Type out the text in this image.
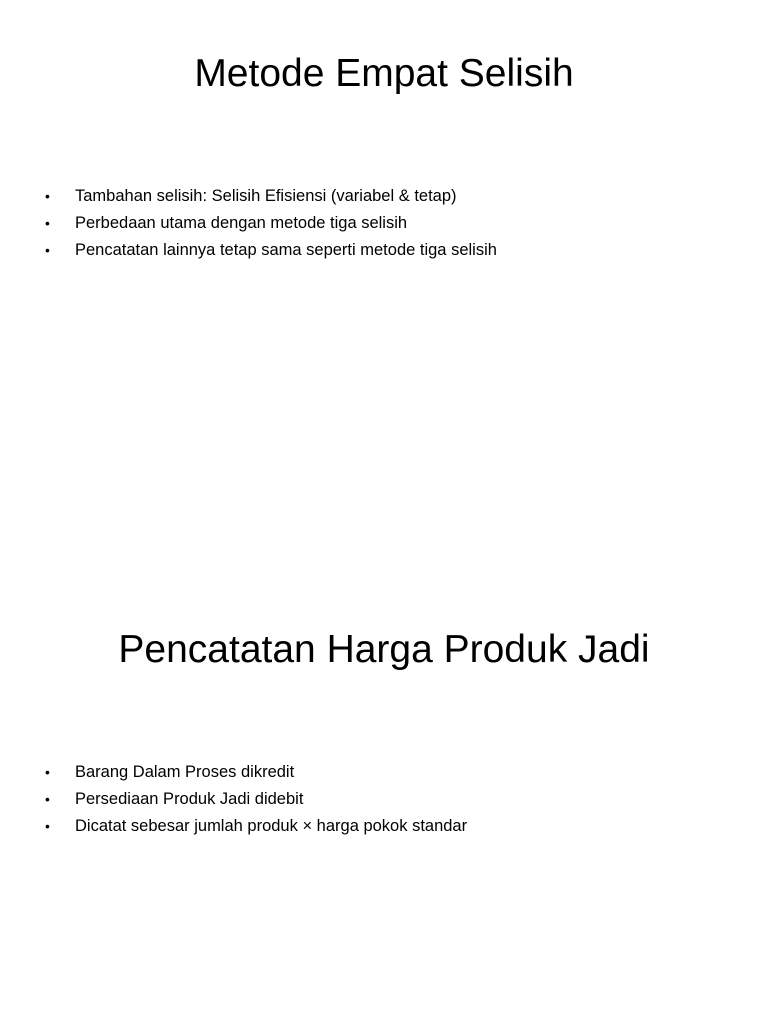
Metode Empat Selisih
•	Tambahan selisih: Selisih Efisiensi (variabel & tetap)
•	Perbedaan utama dengan metode tiga selisih
•	Pencatatan lainnya tetap sama seperti metode tiga selisih
Pencatatan Harga Produk Jadi
•	Barang Dalam Proses dikredit
•	Persediaan Produk Jadi didebit
•	Dicatat sebesar jumlah produk × harga pokok standar
